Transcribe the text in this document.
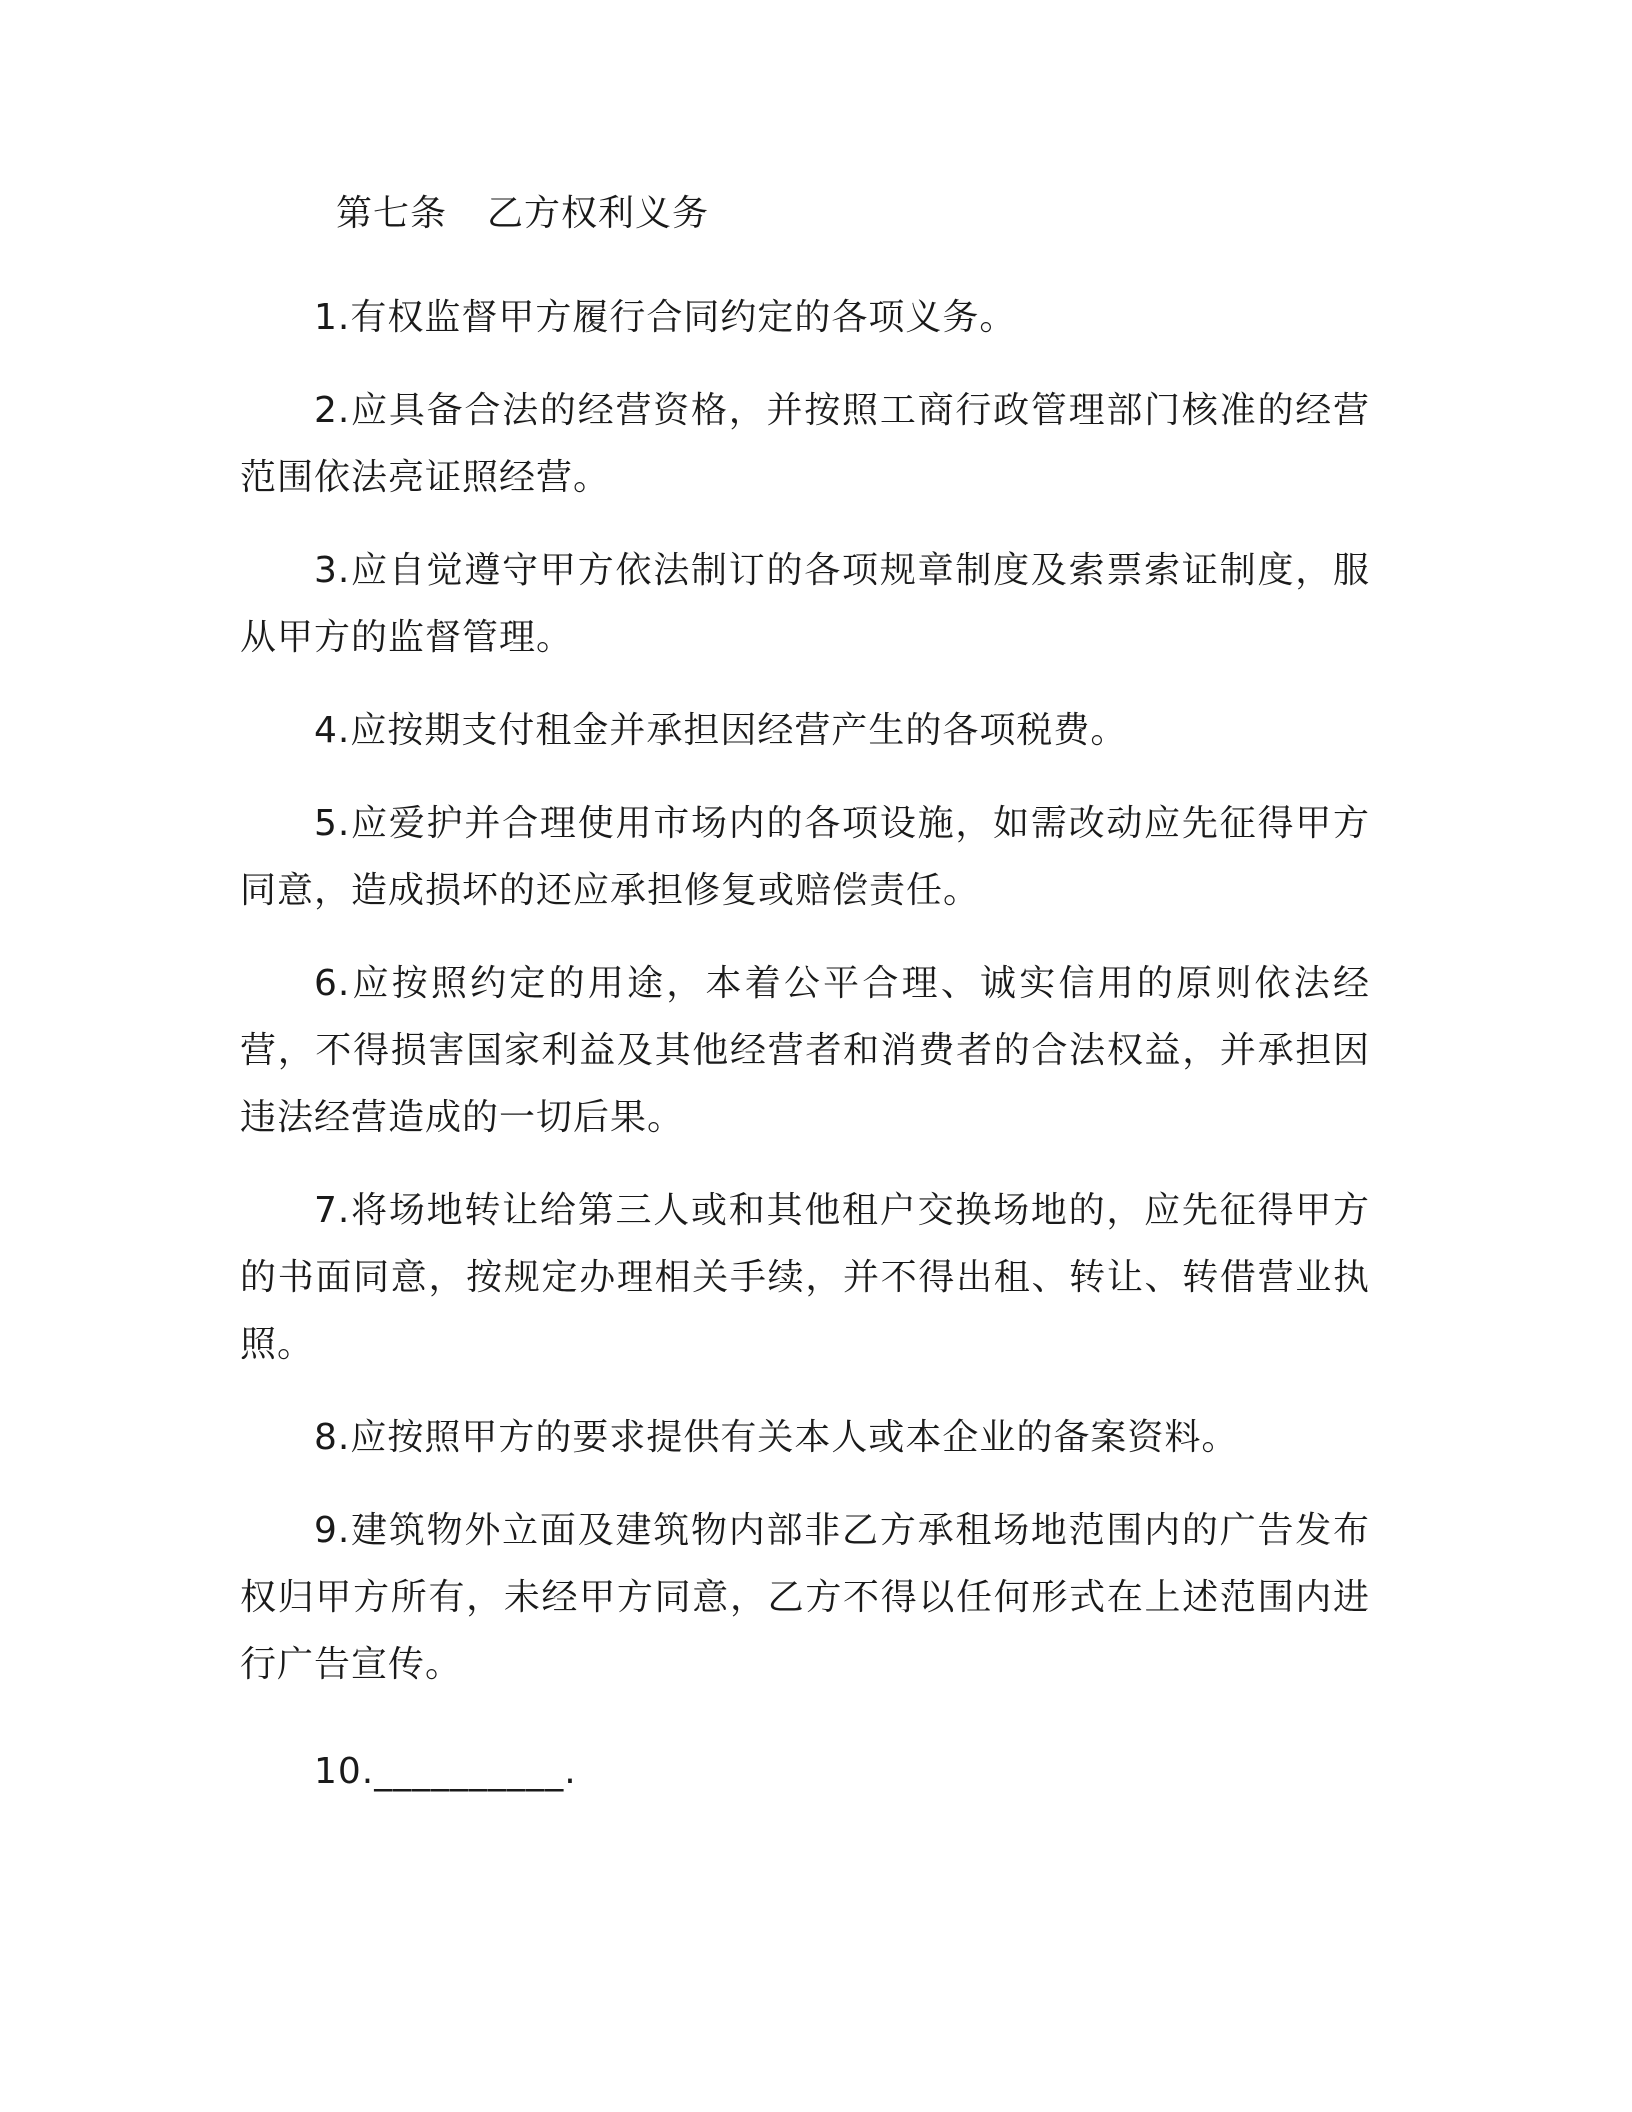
第七条 乙方权利义务

1.有权监督甲方履行合同约定的各项义务。

2.应具备合法的经营资格，并按照工商行政管理部门核准的经营范围依法亮证照经营。

3.应自觉遵守甲方依法制订的各项规章制度及索票索证制度，服从甲方的监督管理。

4.应按期支付租金并承担因经营产生的各项税费。

5.应爱护并合理使用市场内的各项设施，如需改动应先征得甲方同意，造成损坏的还应承担修复或赔偿责任。

6.应按照约定的用途，本着公平合理、诚实信用的原则依法经营，不得损害国家利益及其他经营者和消费者的合法权益，并承担因违法经营造成的一切后果。

7.将场地转让给第三人或和其他租户交换场地的，应先征得甲方的书面同意，按规定办理相关手续，并不得出租、转让、转借营业执照。

8.应按照甲方的要求提供有关本人或本企业的备案资料。

9.建筑物外立面及建筑物内部非乙方承租场地范围内的广告发布权归甲方所有，未经甲方同意，乙方不得以任何形式在上述范围内进行广告宣传。

10.__________.
